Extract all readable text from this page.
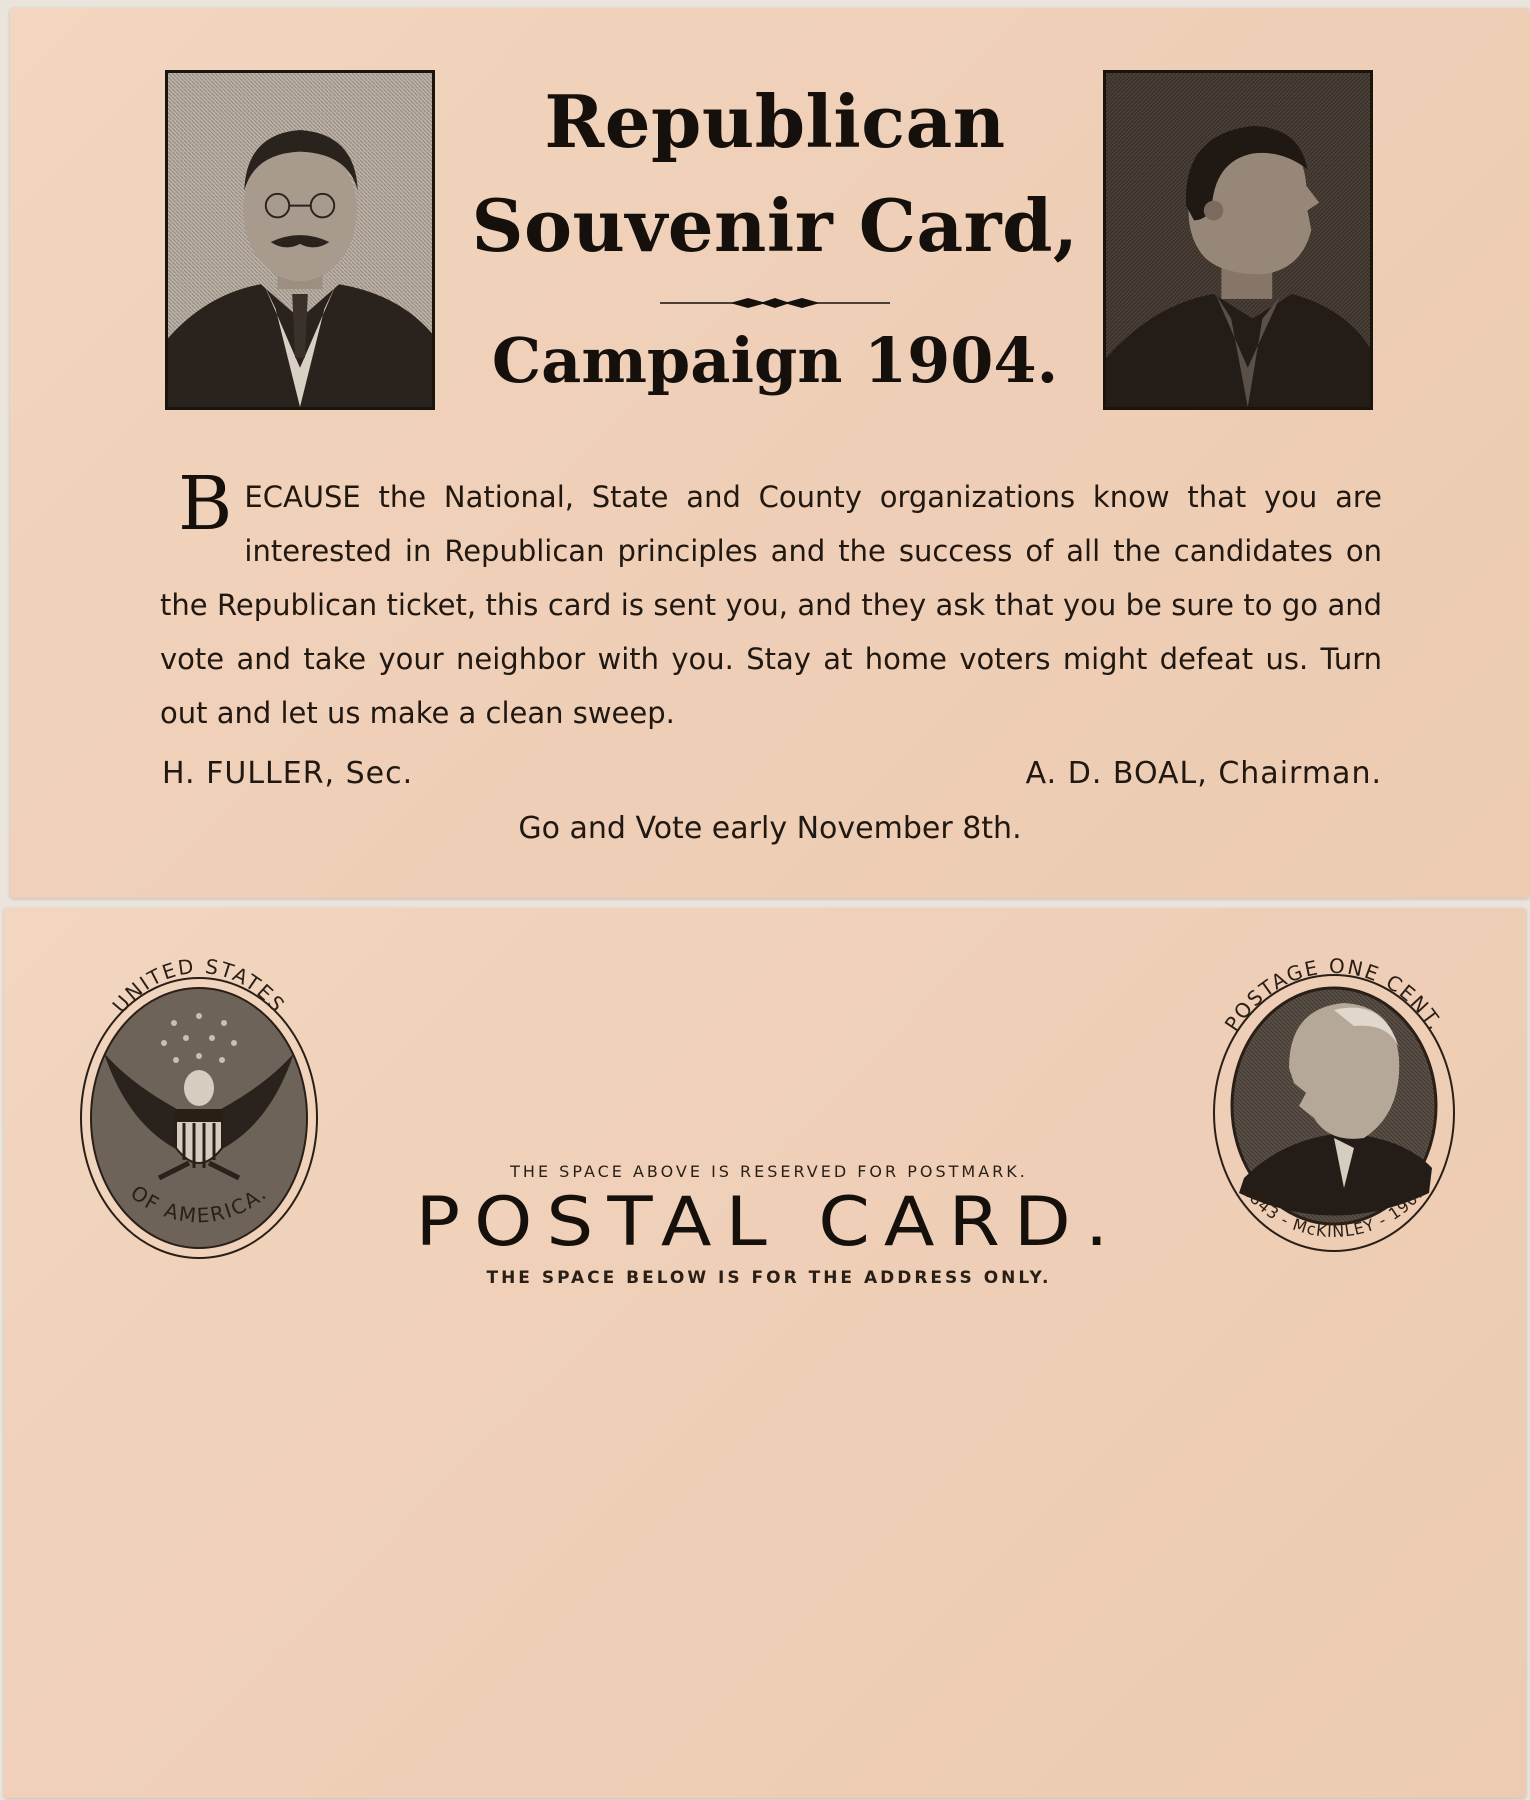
Republican
Souvenir Card,
Campaign 1904.
BECAUSE the National, State and County organizations know that you are interested in Republican principles and the success of all the candidates on the Republican ticket, this card is sent you, and they ask that you be sure to go and vote and take your neighbor with you. Stay at home voters might defeat us. Turn out and let us make a clean sweep.
H. FULLER, Sec.	A. D. BOAL, Chairman.
Go and Vote early November 8th.
UNITED STATES
OF AMERICA.
THE SPACE ABOVE IS RESERVED FOR POSTMARK.
POSTAL CARD.
THE SPACE BELOW IS FOR THE ADDRESS ONLY.
POSTAGE ONE CENT.
1843 - McKINLEY - 1901
